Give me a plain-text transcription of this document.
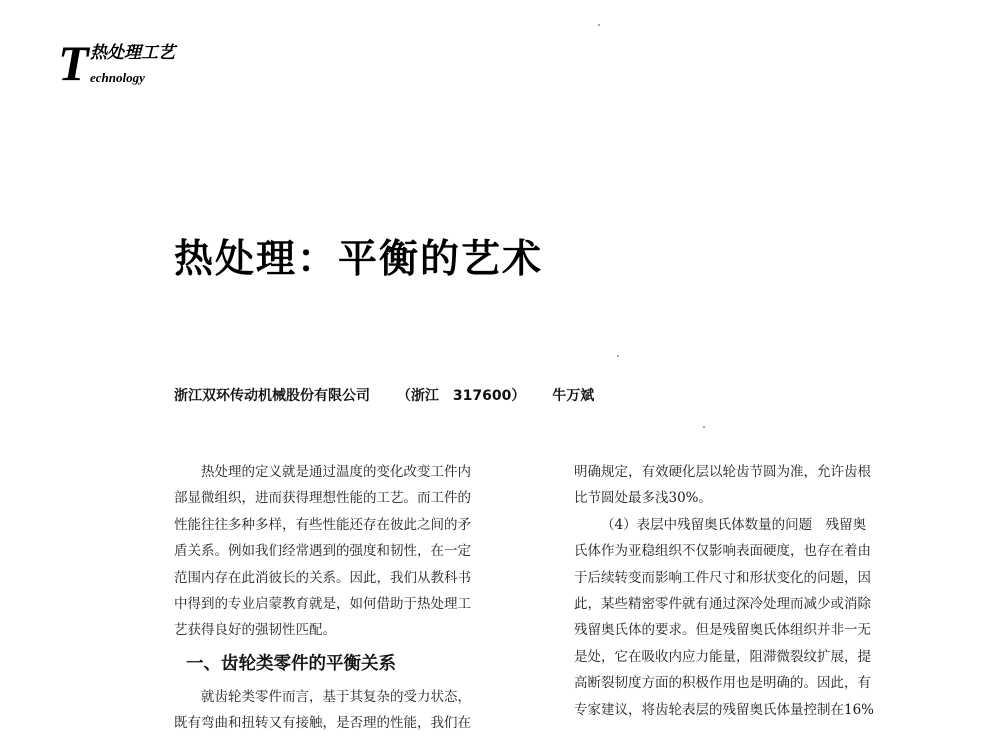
T 热处理工艺
echnology
热处理：平衡的艺术
浙江双环传动机械股份有限公司 （浙江　317600） 牛万斌
热处理的定义就是通过温度的变化改变工件内
部显微组织，进而获得理想性能的工艺。而工件的
性能往往多种多样，有些性能还存在彼此之间的矛
盾关系。例如我们经常遇到的强度和韧性，在一定
范围内存在此消彼长的关系。因此，我们从教科书
中得到的专业启蒙教育就是，如何借助于热处理工
艺获得良好的强韧性匹配。
一、齿轮类零件的平衡关系
就齿轮类零件而言，基于其复杂的受力状态，
既有弯曲和扭转又有接触，是否理的性能，我们在
明确规定，有效硬化层以轮齿节圆为准，允许齿根
比节圆处最多浅30%。
（4）表层中残留奥氏体数量的问题　残留奥
氏体作为亚稳组织不仅影响表面硬度，也存在着由
于后续转变而影响工件尺寸和形状变化的问题，因
此，某些精密零件就有通过深冷处理而减少或消除
残留奥氏体的要求。但是残留奥氏体组织并非一无
是处，它在吸收内应力能量，阻滞微裂纹扩展，提
高断裂韧度方面的积极作用也是明确的。因此，有
专家建议，将齿轮表层的残留奥氏体量控制在16%
